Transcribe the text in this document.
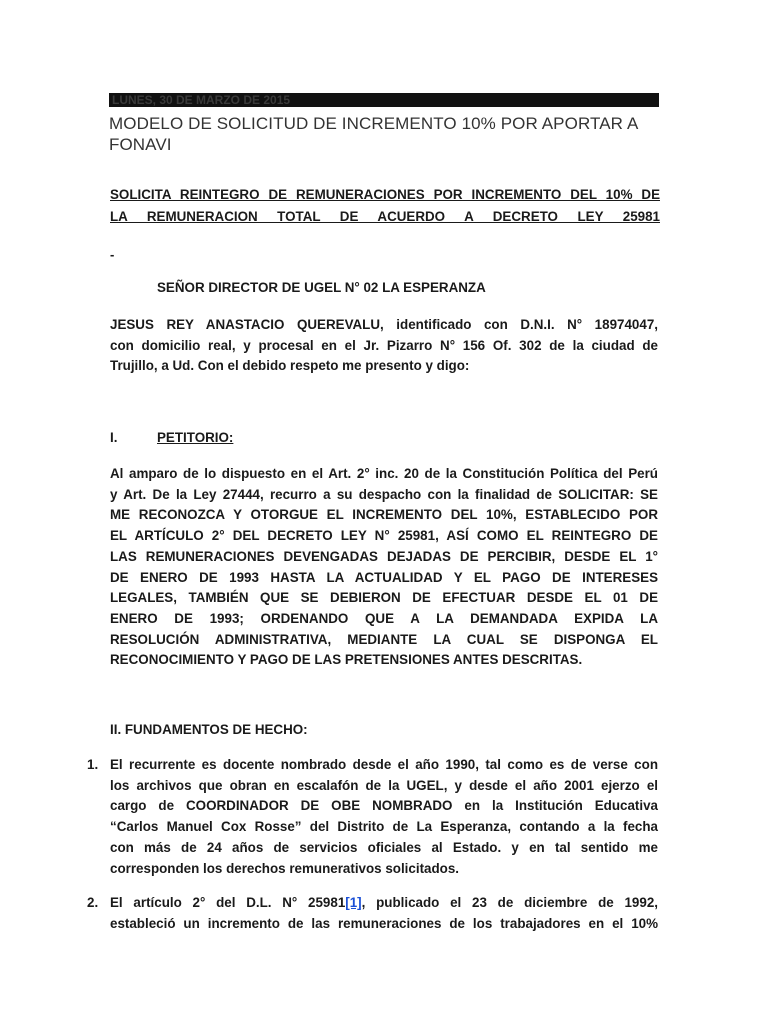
LUNES, 30 DE MARZO DE 2015
MODELO DE SOLICITUD DE INCREMENTO 10% POR APORTAR A FONAVI
SOLICITA REINTEGRO DE REMUNERACIONES POR INCREMENTO DEL 10% DE
LA REMUNERACION TOTAL DE ACUERDO A DECRETO LEY 25981
-
SEÑOR DIRECTOR DE UGEL N° 02 LA ESPERANZA
JESUS REY ANASTACIO QUEREVALU, identificado con D.N.I. N° 18974047,
con domicilio real, y procesal en el Jr. Pizarro N° 156 Of. 302 de la ciudad de
Trujillo, a Ud. Con el debido respeto me presento y digo:
I.	PETITORIO:
Al amparo de lo dispuesto en el Art. 2° inc. 20 de la Constitución Política del Perú
y Art. De la Ley 27444, recurro a su despacho con la finalidad de SOLICITAR: SE
ME RECONOZCA Y OTORGUE EL INCREMENTO DEL 10%, ESTABLECIDO POR
EL ARTÍCULO 2° DEL DECRETO LEY N° 25981, ASÍ COMO EL REINTEGRO DE
LAS REMUNERACIONES DEVENGADAS DEJADAS DE PERCIBIR, DESDE EL 1°
DE ENERO DE 1993 HASTA LA ACTUALIDAD Y EL PAGO DE INTERESES
LEGALES, TAMBIÉN QUE SE DEBIERON DE EFECTUAR DESDE EL 01 DE
ENERO DE 1993; ORDENANDO QUE A LA DEMANDADA EXPIDA LA
RESOLUCIÓN ADMINISTRATIVA, MEDIANTE LA CUAL SE DISPONGA EL
RECONOCIMIENTO Y PAGO DE LAS PRETENSIONES ANTES DESCRITAS.
II. FUNDAMENTOS DE HECHO:
1. El recurrente es docente nombrado desde el año 1990, tal como es de verse con
los archivos que obran en escalafón de la UGEL, y desde el año 2001 ejerzo el
cargo de COORDINADOR DE OBE NOMBRADO en la Institución Educativa
“Carlos Manuel Cox Rosse” del Distrito de La Esperanza, contando a la fecha
con más de 24 años de servicios oficiales al Estado. y en tal sentido me
corresponden los derechos remunerativos solicitados.
2. El artículo 2° del D.L. N° 25981[1], publicado el 23 de diciembre de 1992,
estableció un incremento de las remuneraciones de los trabajadores en el 10%
